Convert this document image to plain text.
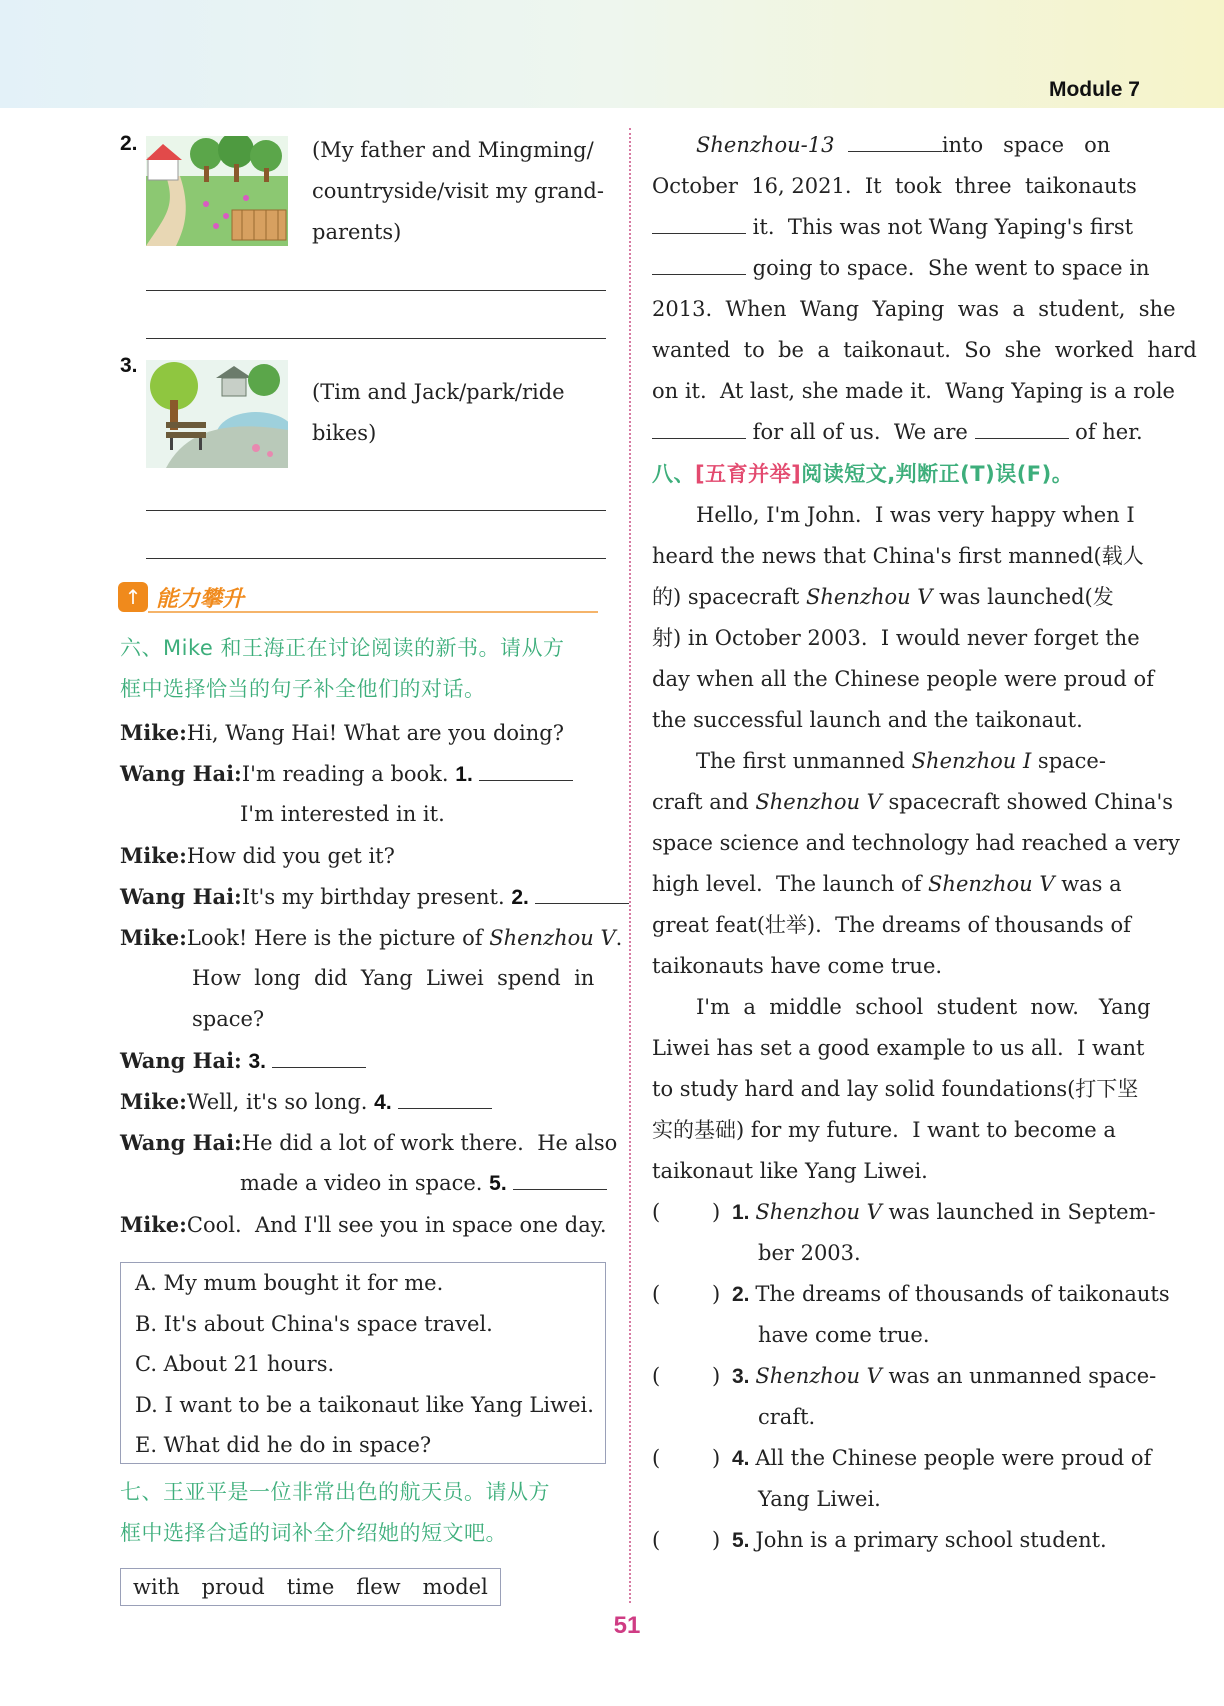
Module 7
2.	(My father and Mingming/
countryside/visit my grand-
parents)
3.
(Tim and Jack/park/ride
bikes)
↑ 能力攀升
六、Mike 和王海正在讨论阅读的新书。请从方
框中选择恰当的句子补全他们的对话。
Mike:Hi, Wang Hai! What are you doing?
Wang Hai:I'm reading a book. 1.
I'm interested in it.
Mike:How did you get it?
Wang Hai:It's my birthday present. 2.
Mike:Look! Here is the picture of Shenzhou V.
How  long  did  Yang  Liwei  spend  in
space?
Wang Hai: 3.
Mike:Well, it's so long. 4.
Wang Hai:He did a lot of work there.  He also
made a video in space. 5.
Mike:Cool.  And I'll see you in space one day.
A. My mum bought it for me.
B. It's about China's space travel.
C. About 21 hours.
D. I want to be a taikonaut like Yang Liwei.
E. What did he do in space?
七、王亚平是一位非常出色的航天员。请从方
框中选择合适的词补全介绍她的短文吧。
with proud time flew model
Shenzhou-13	into   space   on
October  16, 2021.  It  took  three  taikonauts
it.  This was not Wang Yaping's first
going to space.  She went to space in
2013.  When  Wang  Yaping  was  a  student,  she
wanted  to  be  a  taikonaut.  So  she  worked  hard
on it.  At last, she made it.  Wang Yaping is a role
for all of us.  We are	of her.
八、[五育并举]阅读短文,判断正(T)误(F)。
Hello, I'm John.  I was very happy when I
heard the news that China's first manned(载人
的) spacecraft Shenzhou V was launched(发
射) in October 2003.  I would never forget the
day when all the Chinese people were proud of
the successful launch and the taikonaut.
The first unmanned Shenzhou I space-
craft and Shenzhou V spacecraft showed China's
space science and technology had reached a very
high level.  The launch of Shenzhou V was a
great feat(壮举).  The dreams of thousands of
taikonauts have come true.
I'm  a  middle  school  student  now.   Yang
Liwei has set a good example to us all.  I want
to study hard and lay solid foundations(打下坚
实的基础) for my future.  I want to become a
taikonaut like Yang Liwei.
( ) 1. Shenzhou V was launched in Septem-
ber 2003.
( ) 2. The dreams of thousands of taikonauts
have come true.
( ) 3. Shenzhou V was an unmanned space-
craft.
( ) 4. All the Chinese people were proud of
Yang Liwei.
( ) 5. John is a primary school student.
51
